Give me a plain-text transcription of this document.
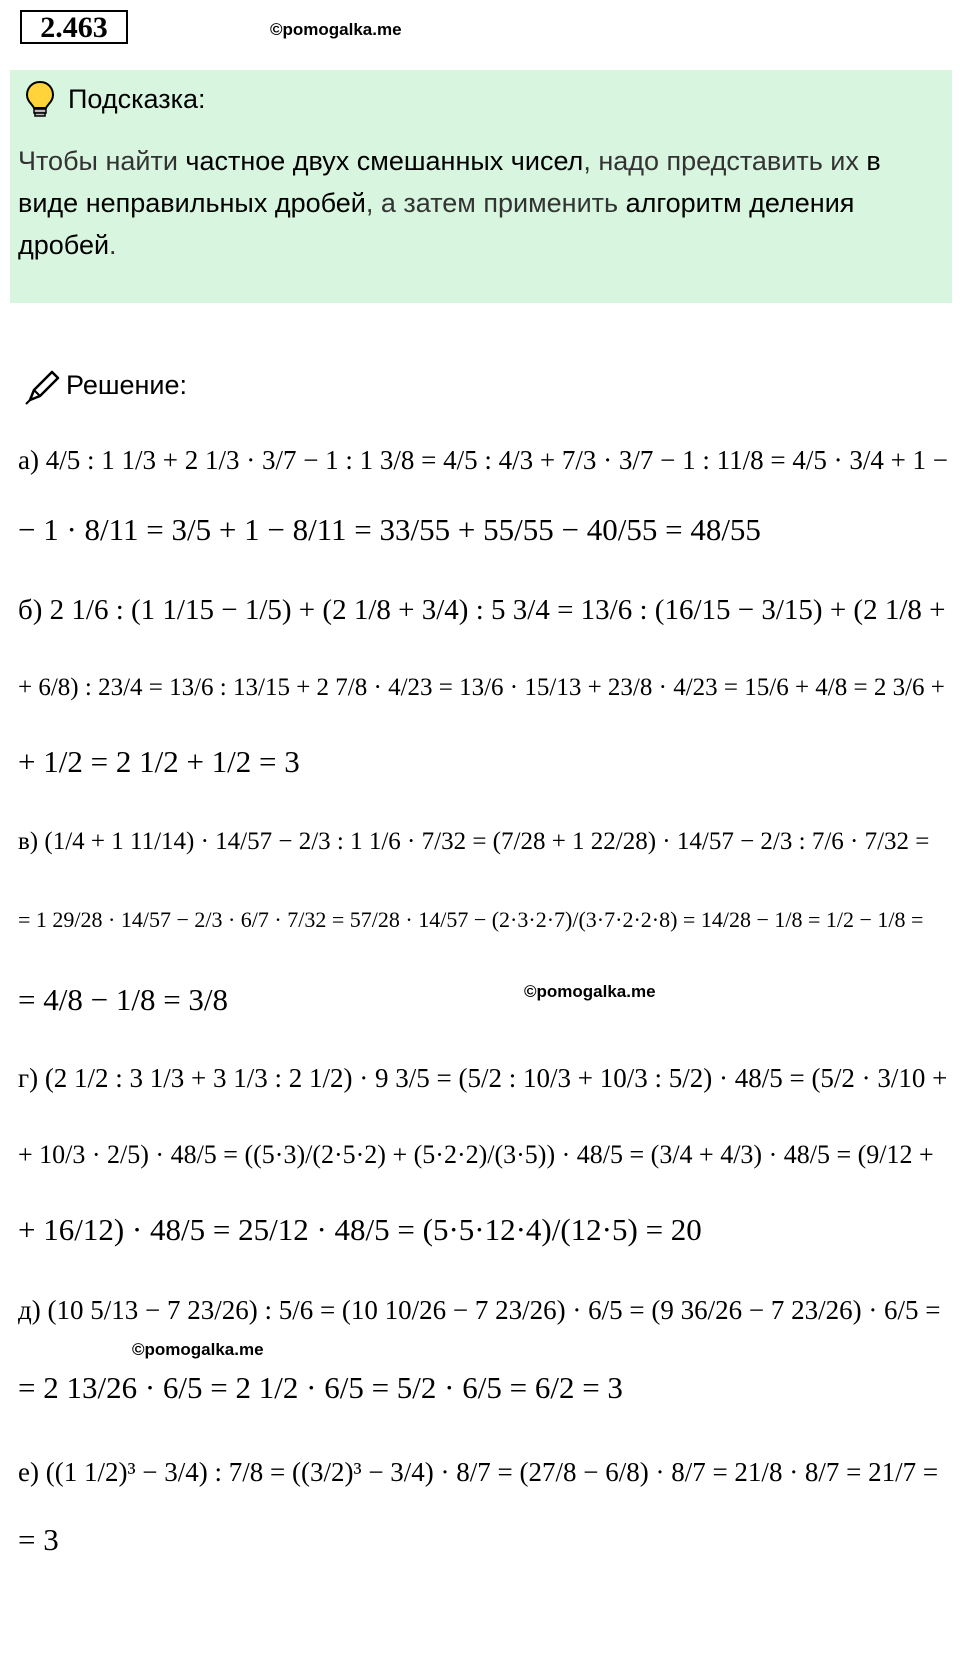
2.463	©pomogalka.me
Подсказка:
Чтобы найти частное двух смешанных чисел, надо представить их в виде неправильных дробей, а затем применить алгоритм деления дробей.
Решение:
а) 4/5 : 1 1/3 + 2 1/3 · 3/7 − 1 : 1 3/8 = 4/5 : 4/3 + 7/3 · 3/7 − 1 : 11/8 = 4/5 · 3/4 + 1 −
− 1 · 8/11 = 3/5 + 1 − 8/11 = 33/55 + 55/55 − 40/55 = 48/55
б) 2 1/6 : (1 1/15 − 1/5) + (2 1/8 + 3/4) : 5 3/4 = 13/6 : (16/15 − 3/15) + (2 1/8 +
+ 6/8) : 23/4 = 13/6 : 13/15 + 2 7/8 · 4/23 = 13/6 · 15/13 + 23/8 · 4/23 = 15/6 + 4/8 = 2 3/6 +
+ 1/2 = 2 1/2 + 1/2 = 3
в) (1/4 + 1 11/14) · 14/57 − 2/3 : 1 1/6 · 7/32 = (7/28 + 1 22/28) · 14/57 − 2/3 : 7/6 · 7/32 =
= 1 29/28 · 14/57 − 2/3 · 6/7 · 7/32 = 57/28 · 14/57 − (2·3·2·7)/(3·7·2·2·8) = 14/28 − 1/8 = 1/2 − 1/8 =
= 4/8 − 1/8 = 3/8	©pomogalka.me
г) (2 1/2 : 3 1/3 + 3 1/3 : 2 1/2) · 9 3/5 = (5/2 : 10/3 + 10/3 : 5/2) · 48/5 = (5/2 · 3/10 +
+ 10/3 · 2/5) · 48/5 = ((5·3)/(2·5·2) + (5·2·2)/(3·5)) · 48/5 = (3/4 + 4/3) · 48/5 = (9/12 +
+ 16/12) · 48/5 = 25/12 · 48/5 = (5·5·12·4)/(12·5) = 20
д) (10 5/13 − 7 23/26) : 5/6 = (10 10/26 − 7 23/26) · 6/5 = (9 36/26 − 7 23/26) · 6/5 =
©pomogalka.me
= 2 13/26 · 6/5 = 2 1/2 · 6/5 = 5/2 · 6/5 = 6/2 = 3
е) ((1 1/2)³ − 3/4) : 7/8 = ((3/2)³ − 3/4) · 8/7 = (27/8 − 6/8) · 8/7 = 21/8 · 8/7 = 21/7 =
= 3
